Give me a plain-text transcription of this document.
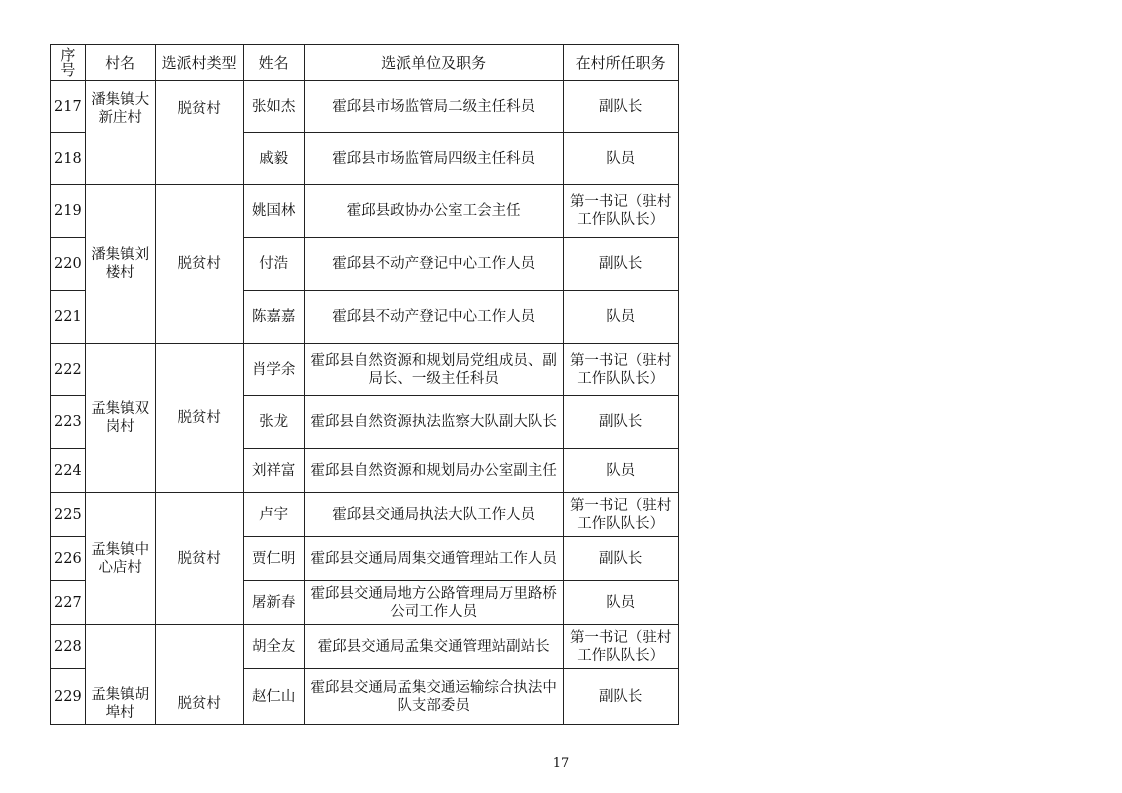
序号	村名	选派村类型	姓名	选派单位及职务	在村所任职务
217	潘集镇大新庄村	脱贫村	张如杰	霍邱县市场监管局二级主任科员	副队长
218			戚毅	霍邱县市场监管局四级主任科员	队员
219	潘集镇刘楼村	脱贫村	姚国林	霍邱县政协办公室工会主任	第一书记（驻村工作队队长）
220			付浩	霍邱县不动产登记中心工作人员	副队长
221			陈嘉嘉	霍邱县不动产登记中心工作人员	队员
222	孟集镇双岗村	脱贫村	肖学余	霍邱县自然资源和规划局党组成员、副局长、一级主任科员	第一书记（驻村工作队队长）
223			张龙	霍邱县自然资源执法监察大队副大队长	副队长
224			刘祥富	霍邱县自然资源和规划局办公室副主任	队员
225	孟集镇中心店村	脱贫村	卢宇	霍邱县交通局执法大队工作人员	第一书记（驻村工作队队长）
226			贾仁明	霍邱县交通局周集交通管理站工作人员	副队长
227			屠新春	霍邱县交通局地方公路管理局万里路桥公司工作人员	队员
228	孟集镇胡埠村	脱贫村	胡全友	霍邱县交通局孟集交通管理站副站长	第一书记（驻村工作队队长）
229			赵仁山	霍邱县交通局孟集交通运输综合执法中队支部委员	副队长
17
